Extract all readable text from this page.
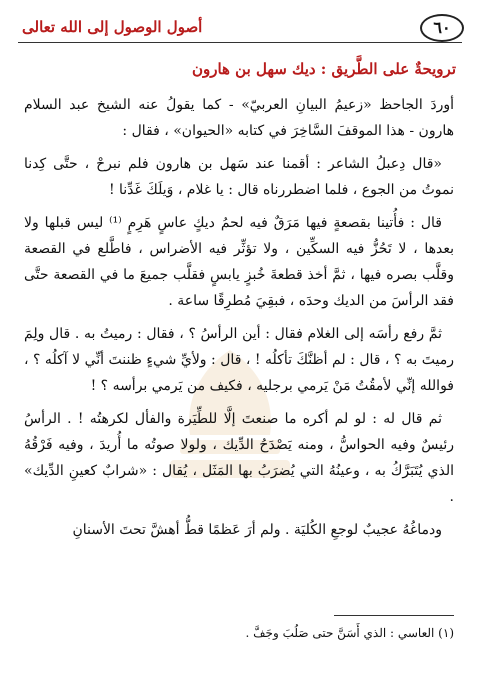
٦٠
أصول الوصول إلى الله تعالى
ترويحةٌ على الطَّريق : ديك سهل بن هارون

أوردَ الجاحظ «زعيمُ البيانِ العربيّ» - كما يقولُ عنه الشيخ عبد السلام هارون - هذا الموقفَ السَّاخِرَ في كتابه «الحيوان» ، فقال :

«قال دِعبلُ الشاعر : أقمنا عند سَهل بن هارون فلم نبرحْ ، حتَّى كِدنا نموتُ من الجوع ، فلما اضطررناه قال : يا غلام ، وَيلَكَ غَدِّنا !

قال : فأُتينا بقصعةٍ فيها مَرَقٌ فيه لحمُ ديكٍ عاسٍ هَرِمٍ ⁽¹⁾ ليس قبلها ولا بعدها ، لا تَحُزُّ فيه السكِّين ، ولا تؤثِّر فيه الأضراس ، فاطَّلع في القصعة وقلَّب بصره فيها ، ثمَّ أخذ قطعةَ خُبزٍ يابسٍ فقلَّب جميعَ ما في القصعة حتَّى فقد الرأسَ من الديك وحدَه ، فبقِيَ مُطرِقًا ساعة .

ثمَّ رفع رأسَه إلى الغلام فقال : أين الرأسُ ؟ ، فقال : رميتُ به . قال ولِمَ رميتَ به ؟ ، قال : لم أظنَّكَ تأكلُه ! ، قال : ولأيِّ شيءٍ ظننتَ أنِّي لا آكلُه ؟ ، فوالله إنِّي لأمقُتُ مَنْ يَرمي برجليه ، فكيف من يَرمي برأسه ؟ !

ثم قال له : لو لم أكره ما صنعتَ إلَّا للطِّيَرة والفأل لكرهتُه ! . الرأسُ رئيسٌ وفيه الحواسُّ ، ومنه يَصْدَحُ الدِّيك ، ولولا صوتُه ما أُريدَ ، وفيه فَرْقُهُ الذي يُتَبَرَّكُ به ، وعينُهُ التي يُضرَبُ بها المَثَل ، يُقال : «شرابٌ كعينِ الدِّيك» .

ودماغُهُ عجيبٌ لوجعِ الكُليَة . ولم أرَ عَظمًا قطُّ أهشَّ تحتَ الأسنانِ

(١) العاسي : الذي أَسَنَّ حتى صَلُبَ وجَفَّ .
